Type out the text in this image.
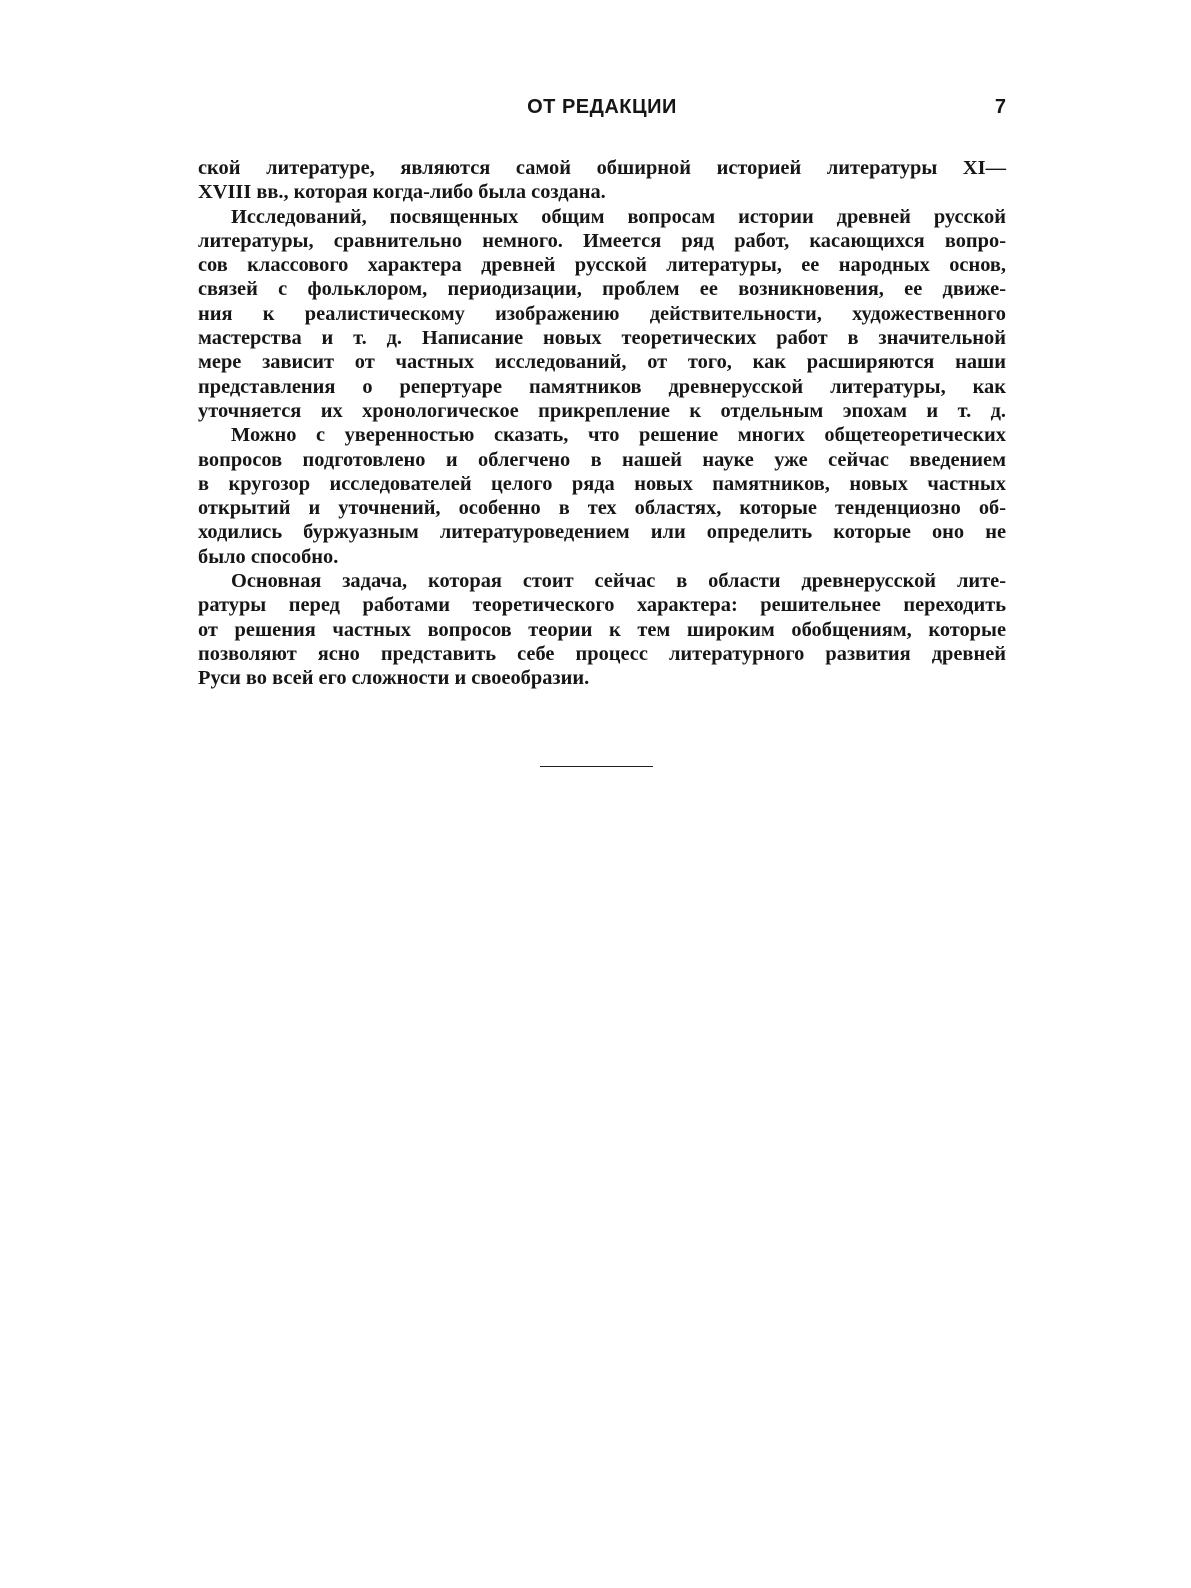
ОТ РЕДАКЦИИ	7
ской литературе, являются самой обширной историей литературы XI—
XVIII вв., которая когда-либо была создана.
Исследований, посвященных общим вопросам истории древней русской
литературы, сравнительно немного. Имеется ряд работ, касающихся вопро-
сов классового характера древней русской литературы, ее народных основ,
связей с фольклором, периодизации, проблем ее возникновения, ее движе-
ния к реалистическому изображению действительности, художественного
мастерства и т. д. Написание новых теоретических работ в значительной
мере зависит от частных исследований, от того, как расширяются наши
представления о репертуаре памятников древнерусской литературы, как
уточняется их хронологическое прикрепление к отдельным эпохам и т. д.
Можно с уверенностью сказать, что решение многих общетеоретических
вопросов подготовлено и облегчено в нашей науке уже сейчас введением
в кругозор исследователей целого ряда новых памятников, новых частных
открытий и уточнений, особенно в тех областях, которые тенденциозно об-
ходились буржуазным литературоведением или определить которые оно не
было способно.
Основная задача, которая стоит сейчас в области древнерусской лите-
ратуры перед работами теоретического характера: решительнее переходить
от решения частных вопросов теории к тем широким обобщениям, которые
позволяют ясно представить себе процесс литературного развития древней
Руси во всей его сложности и своеобразии.
